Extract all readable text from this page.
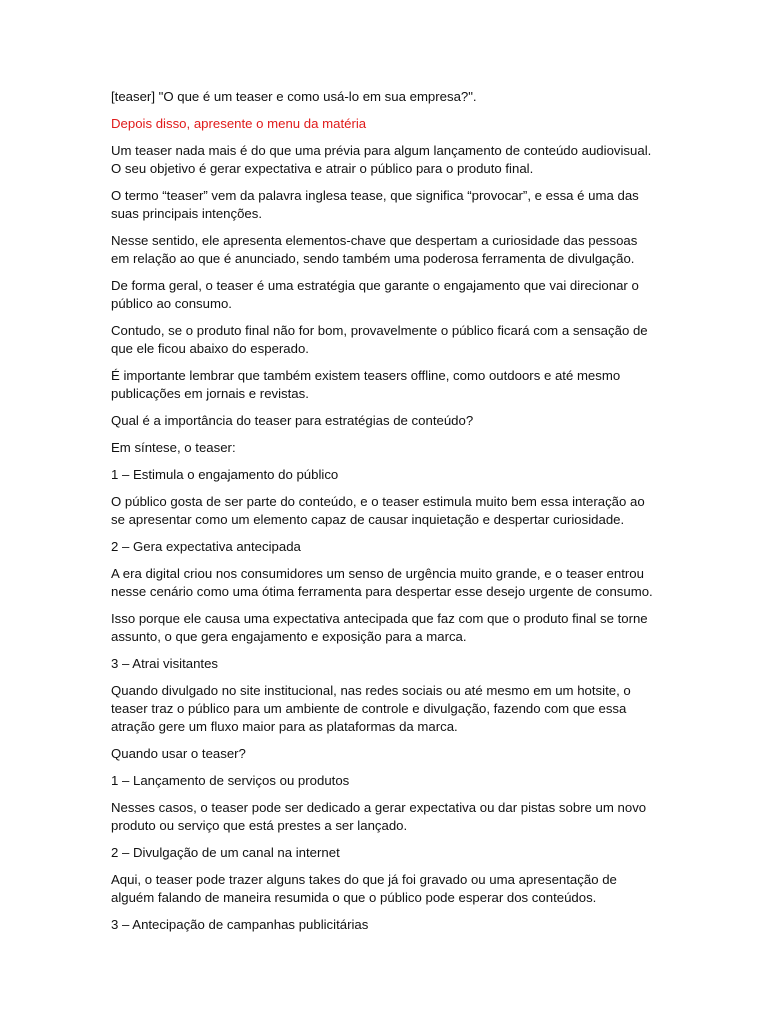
[teaser] "O que é um teaser e como usá-lo em sua empresa?".

Depois disso, apresente o menu da matéria

Um teaser nada mais é do que uma prévia para algum lançamento de conteúdo audiovisual. O seu objetivo é gerar expectativa e atrair o público para o produto final.

O termo “teaser” vem da palavra inglesa tease, que significa “provocar”, e essa é uma das suas principais intenções.

Nesse sentido, ele apresenta elementos-chave que despertam a curiosidade das pessoas em relação ao que é anunciado, sendo também uma poderosa ferramenta de divulgação.

De forma geral, o teaser é uma estratégia que garante o engajamento que vai direcionar o público ao consumo.

Contudo, se o produto final não for bom, provavelmente o público ficará com a sensação de que ele ficou abaixo do esperado.

É importante lembrar que também existem teasers offline, como outdoors e até mesmo publicações em jornais e revistas.

Qual é a importância do teaser para estratégias de conteúdo?

Em síntese, o teaser:

1 – Estimula o engajamento do público

O público gosta de ser parte do conteúdo, e o teaser estimula muito bem essa interação ao se apresentar como um elemento capaz de causar inquietação e despertar curiosidade.

2 – Gera expectativa antecipada

A era digital criou nos consumidores um senso de urgência muito grande, e o teaser entrou nesse cenário como uma ótima ferramenta para despertar esse desejo urgente de consumo.

Isso porque ele causa uma expectativa antecipada que faz com que o produto final se torne assunto, o que gera engajamento e exposição para a marca.

3 – Atrai visitantes

Quando divulgado no site institucional, nas redes sociais ou até mesmo em um hotsite, o teaser traz o público para um ambiente de controle e divulgação, fazendo com que essa atração gere um fluxo maior para as plataformas da marca.

Quando usar o teaser?

1 – Lançamento de serviços ou produtos

Nesses casos, o teaser pode ser dedicado a gerar expectativa ou dar pistas sobre um novo produto ou serviço que está prestes a ser lançado.

2 – Divulgação de um canal na internet

Aqui, o teaser pode trazer alguns takes do que já foi gravado ou uma apresentação de alguém falando de maneira resumida o que o público pode esperar dos conteúdos.

3 – Antecipação de campanhas publicitárias
